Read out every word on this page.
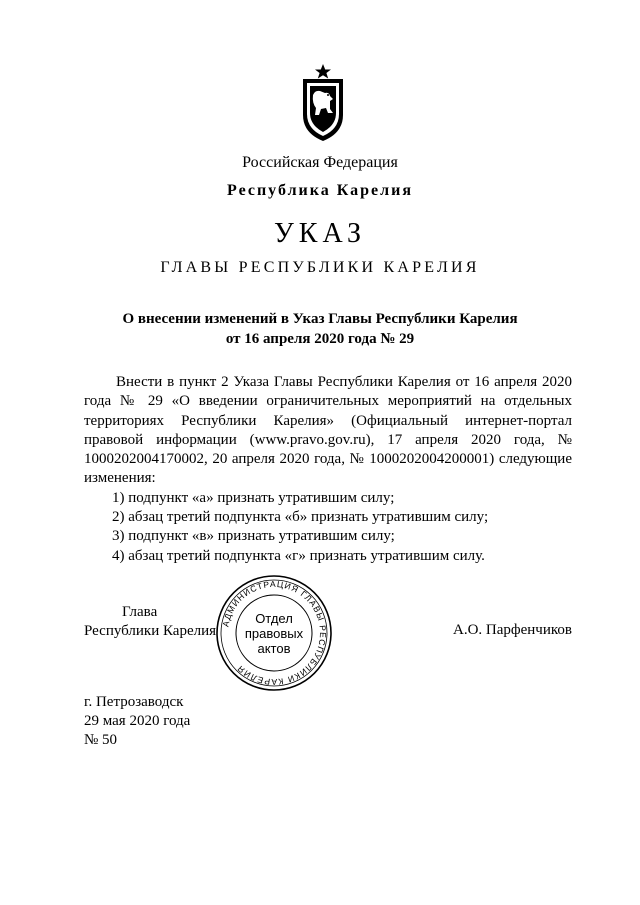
Российская Федерация
Республика Карелия
УКАЗ
ГЛАВЫ РЕСПУБЛИКИ КАРЕЛИЯ
О внесении изменений в Указ Главы Республики Карелия
от 16 апреля 2020 года № 29

Внести в пункт 2 Указа Главы Республики Карелия от 16 апреля 2020 года № 29 «О введении ограничительных мероприятий на отдельных территориях Республики Карелия» (Официальный интернет-портал правовой информации (www.pravo.gov.ru), 17 апреля 2020 года, № 1000202004170002, 20 апреля 2020 года, № 1000202004200001) следующие изменения:

1) подпункт «а» признать утратившим силу;
2) абзац третий подпункта «б» признать утратившим силу;
3) подпункт «в» признать утратившим силу;
4) абзац третий подпункта «г» признать утратившим силу.
Глава
Республики Карелия АДМИНИСТРАЦИЯ ГЛАВЫ РЕСПУБЛИКИ КАРЕЛИЯ
Отдел
правовых
актов
А.О. Парфенчиков
г. Петрозаводск
29 мая 2020 года
№ 50
